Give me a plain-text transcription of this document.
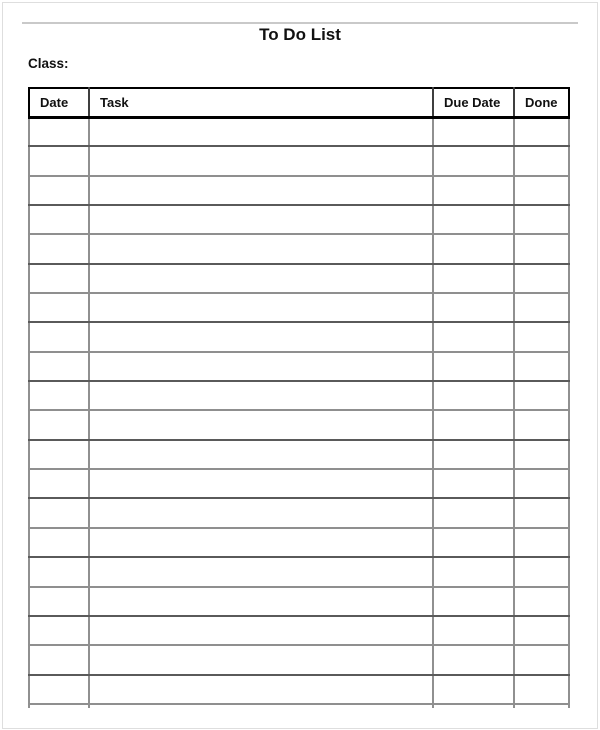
To Do List
Class:
Date	Task	Due Date	Done
